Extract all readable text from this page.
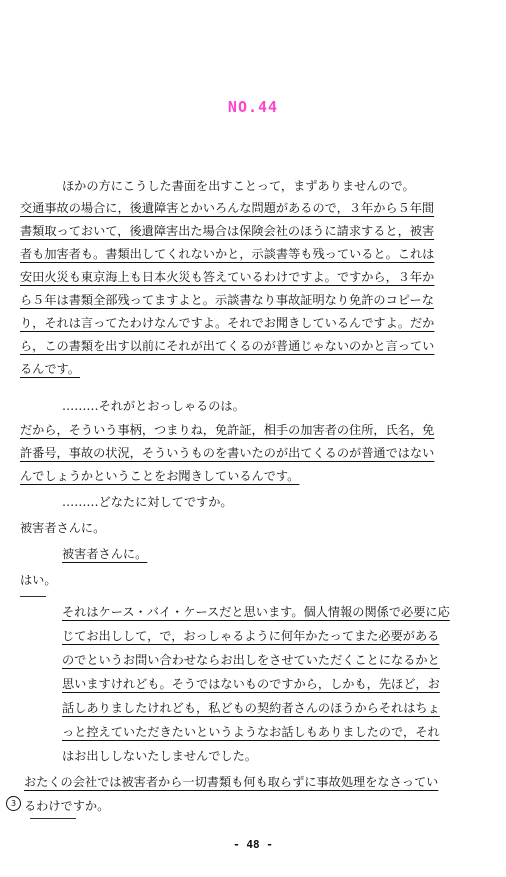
NO.44
ほかの方にこうした書面を出すことって，まずありませんので。
交通事故の場合に，後遺障害とかいろんな問題があるので，３年から５年間
書類取っておいて，後遺障害出た場合は保険会社のほうに請求すると，被害
者も加害者も。書類出してくれないかと，示談書等も残っていると。これは
安田火災も東京海上も日本火災も答えているわけですよ。ですから，３年か
ら５年は書類全部残ってますよと。示談書なり事故証明なり免許のコピーな
り，それは言ってたわけなんですよ。それでお聞きしているんですよ。だか
ら，この書類を出す以前にそれが出てくるのが普通じゃないのかと言ってい
るんです。
………それがとおっしゃるのは。
だから，そういう事柄，つまりね，免許証，相手の加害者の住所，氏名，免
許番号，事故の状況，そういうものを書いたのが出てくるのが普通ではない
んでしょうかということをお聞きしているんです。
………どなたに対してですか。
被害者さんに。
被害者さんに。
はい。
それはケース・バイ・ケースだと思います。個人情報の関係で必要に応
じてお出しして，で，おっしゃるように何年かたってまた必要がある
のでというお問い合わせならお出しをさせていただくことになるかと
思いますけれども。そうではないものですから，しかも，先ほど，お
話しありましたけれども，私どもの契約者さんのほうからそれはちょ
っと控えていただきたいというようなお話しもありましたので，それ
はお出ししないたしませんでした。
3
おたくの会社では被害者から一切書類も何も取らずに事故処理をなさってい
るわけですか。
- 48 -
